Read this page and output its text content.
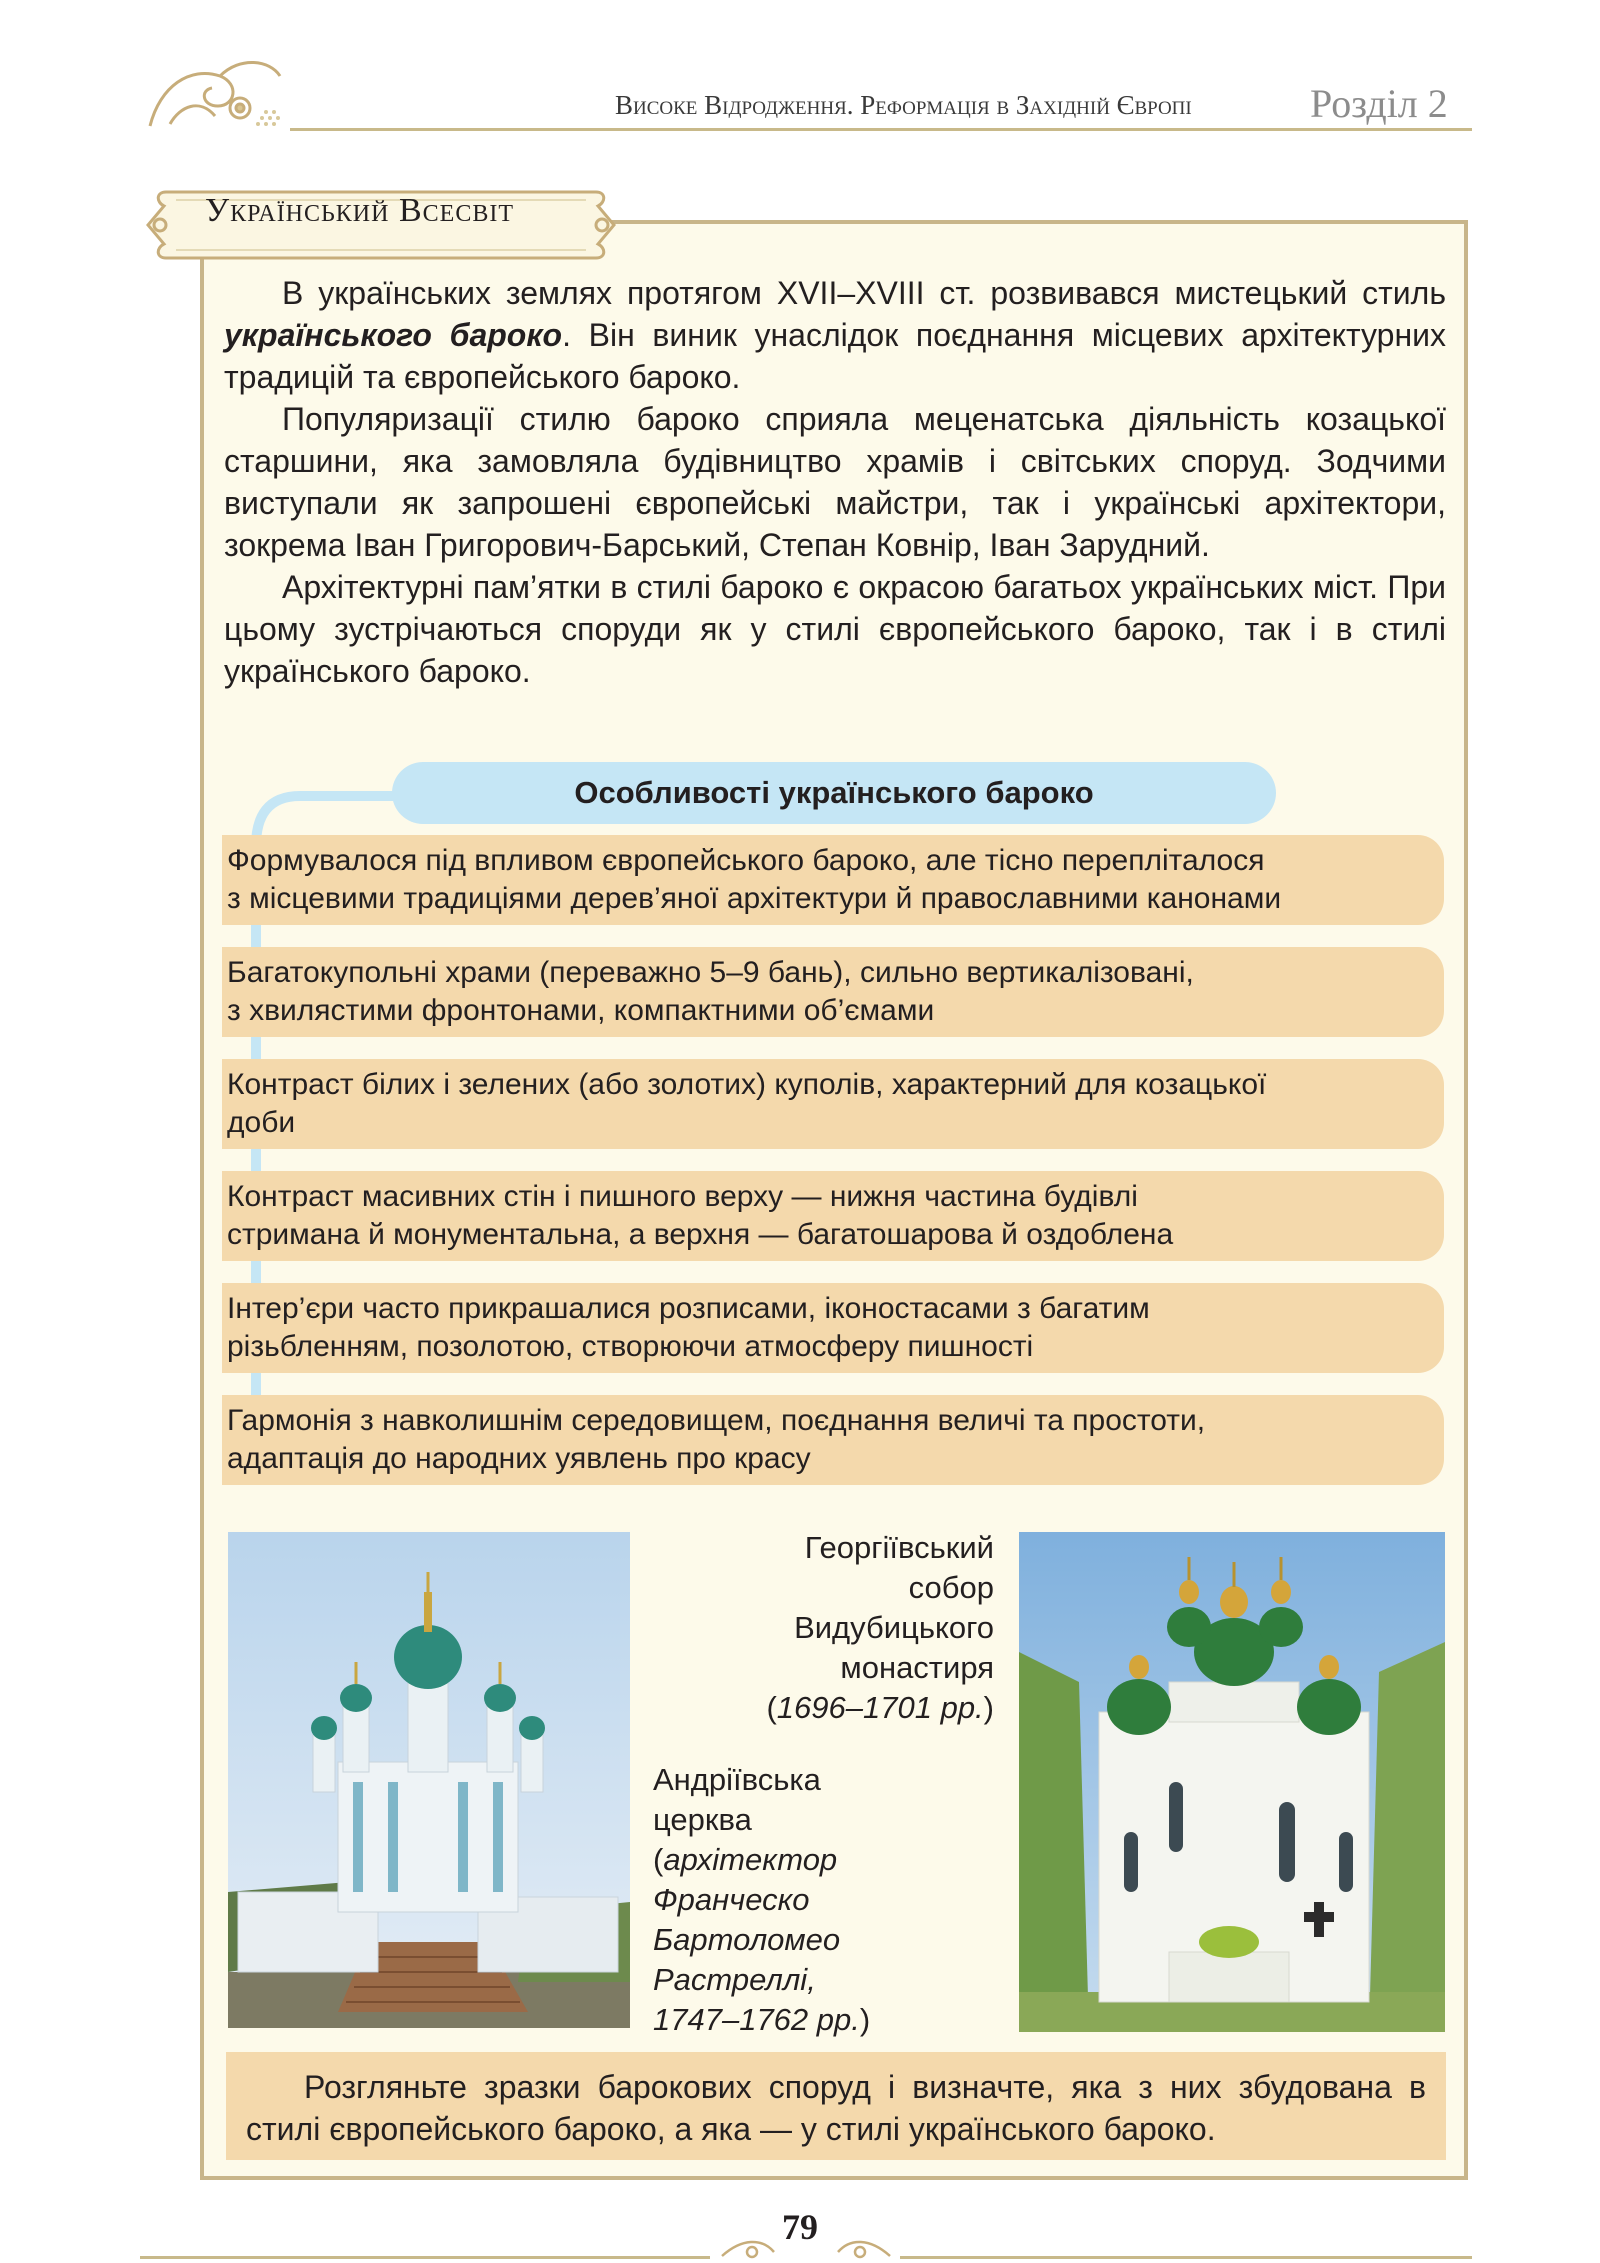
Високе Відродження. Реформація в Західній Європі	Розділ 2
Український Всесвіт

В українських землях протягом XVII–XVIII ст. розвивався мистецький стиль українського бароко. Він виник унаслідок поєднання місцевих архітектурних традицій та європейського бароко.

Популяризації стилю бароко сприяла меценатська діяльність козацької старшини, яка замовляла будівництво храмів і світських споруд. Зодчими виступали як запрошені європейські майстри, так і українські архітектори, зокрема Іван Григорович-Барський, Степан Ковнір, Іван Зарудний.

Архітектурні пам’ятки в стилі бароко є окрасою багатьох українських міст. При цьому зустрічаються споруди як у стилі європейського бароко, так і в стилі українського бароко.

Особливості українського бароко
Формувалося під впливом європейського бароко, але тісно перепліталося
з місцевими традиціями дерев’яної архітектури й православними канонами
Багатокупольні храми (переважно 5–9 бань), сильно вертикалізовані,
з хвилястими фронтонами, компактними об’ємами
Контраст білих і зелених (або золотих) куполів, характерний для козацької
доби
Контраст масивних стін і пишного верху — нижня частина будівлі
стримана й монументальна, а верхня — багатошарова й оздоблена
Інтер’єри часто прикрашалися розписами, іконостасами з багатим
різьбленням, позолотою, створюючи атмосферу пишності
Гармонія з навколишнім середовищем, поєднання величі та простоти,
адаптація до народних уявлень про красу
Георгіївський
собор
Видубицького
монастиря
(1696–1701 рр.)
Андріївська
церква
(архітектор
Франческо
Бартоломео
Растреллі,
1747–1762 рр.)

Розгляньте зразки барокових споруд і визначте, яка з них збудована в стилі європейського бароко, а яка — у стилі українського бароко.

79
